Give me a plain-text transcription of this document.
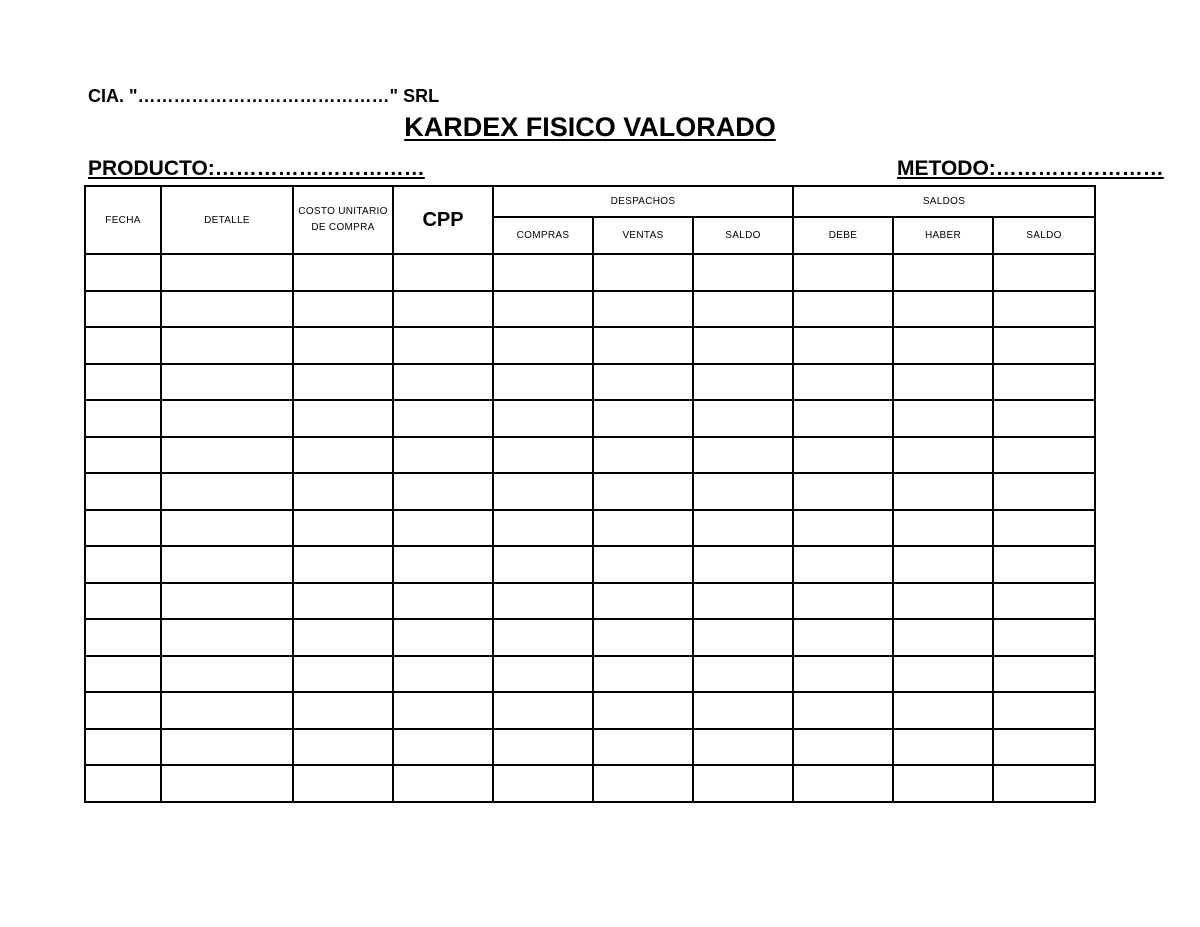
CIA. "……………………………………" SRL
KARDEX FISICO VALORADO
PRODUCTO:…………………………	METODO:……………………
FECHA	DETALLE	COSTO UNITARIO DE COMPRA	CPP	DESPACHOS			SALDOS		
				COMPRAS	VENTAS	SALDO	DEBE	HABER	SALDO
